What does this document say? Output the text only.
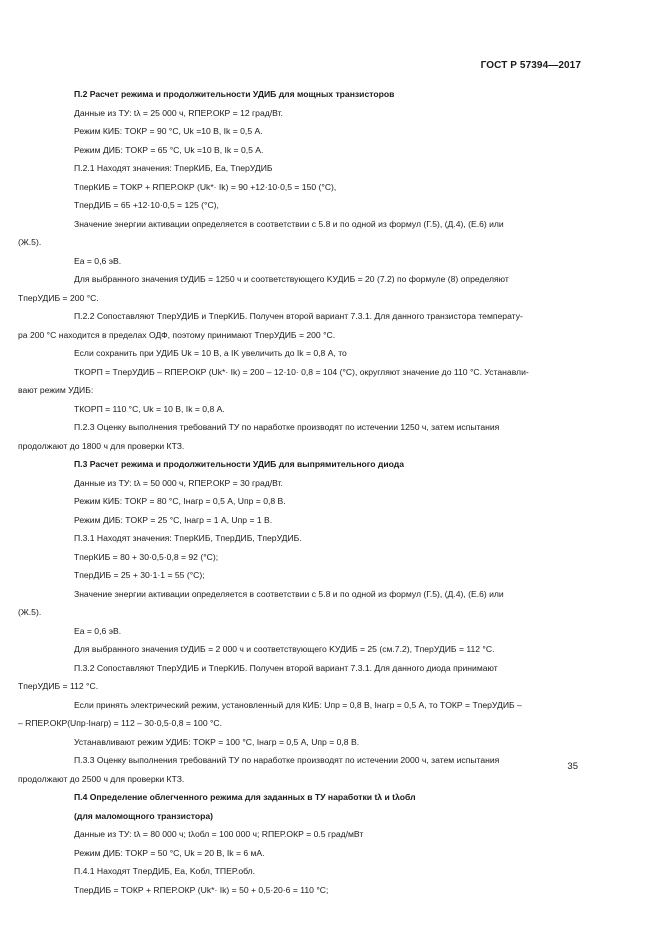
ГОСТ Р 57394—2017
П.2 Расчет режима и продолжительности УДИБ для мощных транзисторов
Данные из ТУ: tλ = 25 000 ч, RПЕР.ОКР = 12 град/Вт.
Режим КИБ: TОКР = 90 °С, Uk =10 В, Ik = 0,5 А.
Режим ДИБ: TОКР = 65 °С, Uk =10 В, Ik = 0,5 А.
П.2.1 Находят значения: TперКИБ, Ea, TперУДИБ
TперКИБ = TОКР + RПЕР.ОКР (Uk*· Ik) = 90 +12·10·0,5 = 150 (°С),
TперДИБ = 65 +12·10·0,5 = 125 (°С),
Значение энергии активации определяется в соответствии с 5.8 и по одной из формул (Г.5), (Д.4), (Е.6) или
(Ж.5).
Ea = 0,6 эВ.
Для выбранного значения tУДИБ = 1250 ч и соответствующего KУДИБ = 20 (7.2) по формуле (8) определяют
TперУДИБ = 200 °С.
П.2.2 Сопоставляют TперУДИБ и TперКИБ. Получен второй вариант 7.3.1. Для данного транзистора температу-
ра 200 °С находится в пределах ОДФ, поэтому принимают TперУДИБ = 200 °С.
Если сохранить при УДИБ Uk = 10 В, а IK увеличить до Ik = 0,8 А, то
TКОРП = TперУДИБ – RПЕР.ОКР (Uk*· Ik) = 200 – 12·10· 0,8 = 104 (°С), округляют значение до 110 °С. Устанавли-
вают режим УДИБ:
TКОРП = 110 °С, Uk = 10 В, Ik = 0,8 А.
П.2.3 Оценку выполнения требований ТУ по наработке производят по истечении 1250 ч, затем испытания
продолжают до 1800 ч для проверки КТЗ.
П.3 Расчет режима и продолжительности УДИБ для выпрямительного диода
Данные из ТУ: tλ = 50 000 ч, RПЕР.ОКР = 30 град/Вт.
Режим КИБ: TОКР = 80 °С, Iнагр = 0,5 А, Uпр = 0,8 В.
Режим ДИБ: TОКР = 25 °С, Iнагр = 1 А, Uпр = 1 В.
П.3.1 Находят значения: TперКИБ, TперДИБ, TперУДИБ.
TперКИБ = 80 + 30·0,5·0,8 = 92 (°С);
TперДИБ = 25 + 30·1·1 = 55 (°С);
Значение энергии активации определяется в соответствии с 5.8 и по одной из формул (Г.5), (Д.4), (Е.6) или
(Ж.5).
Ea = 0,6 эВ.
Для выбранного значения tУДИБ = 2 000 ч и соответствующего KУДИБ = 25 (см.7.2), TперУДИБ = 112 °С.
П.3.2 Сопоставляют TперУДИБ и TперКИБ. Получен второй вариант 7.3.1. Для данного диода принимают
TперУДИБ = 112 °С.
Если принять электрический режим, установленный для КИБ: Uпр = 0,8 В, Iнагр = 0,5 А, то TОКР = TперУДИБ –
– RПЕР.ОКР(Uпр·Iнагр) = 112 – 30·0,5·0,8 = 100 °С.
Устанавливают режим УДИБ: TОКР = 100 °С, Iнагр = 0,5 А, Uпр = 0,8 В.
П.3.3 Оценку выполнения требований ТУ по наработке производят по истечении 2000 ч, затем испытания
продолжают до 2500 ч для проверки КТЗ.
П.4 Определение облегченного режима для заданных в ТУ наработки tλ и tλобл
(для маломощного транзистора)
Данные из ТУ: tλ = 80 000 ч; tλобл = 100 000 ч; RПЕР.ОКР = 0.5 град/мВт
Режим ДИБ: TОКР = 50 °С, Uk = 20 В, Ik = 6 мА.
П.4.1 Находят TперДИБ, Ea, Kобл, TПЕР.обл.
TперДИБ = TОКР + RПЕР.ОКР (Uk*· Ik) = 50 + 0,5·20·6 = 110 °С;
35
